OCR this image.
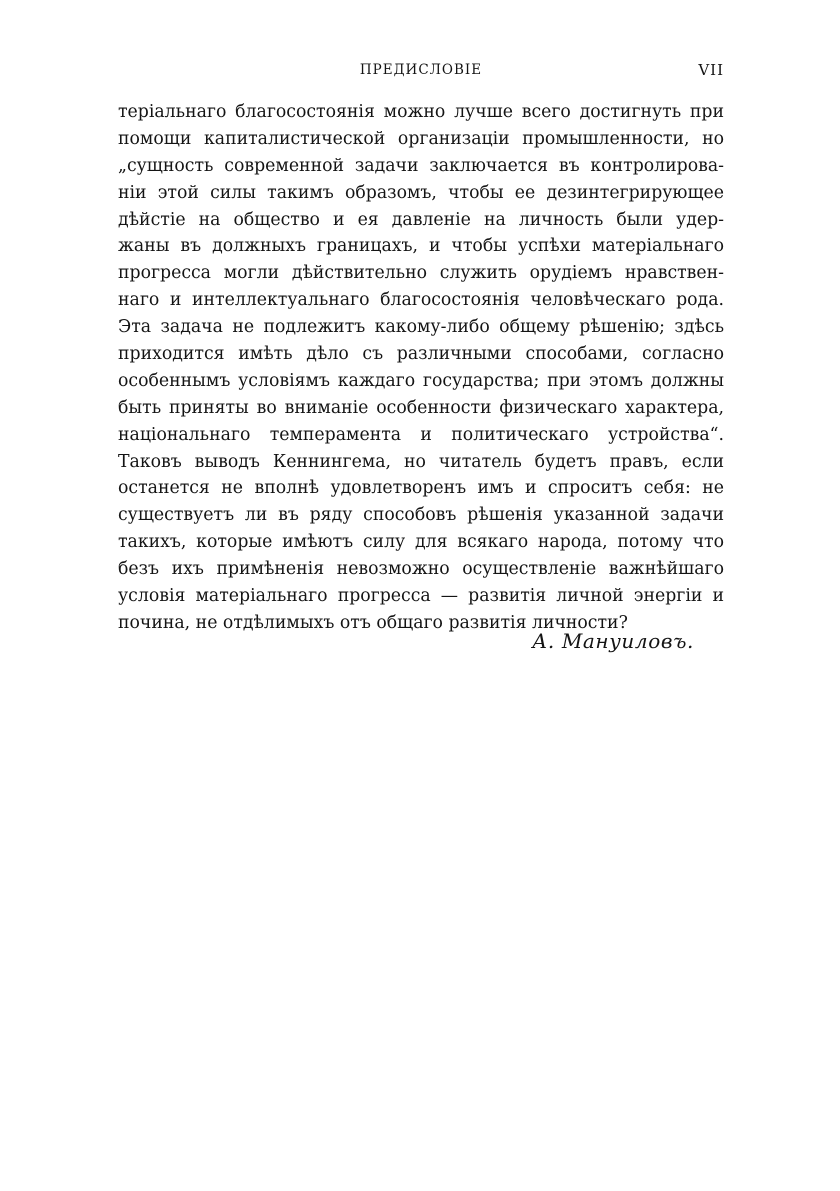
ПРЕДИСЛОВІЕ	VII
теріальнаго благосостоянія можно лучше всего достигнуть при
помощи капиталистической организаціи промышленности, но
„сущность современной задачи заключается въ контролирова-
ніи этой силы такимъ образомъ, чтобы ее дезинтегрирующее
дѣйстіе на общество и ея давленіе на личность были удер-
жаны въ должныхъ границахъ, и чтобы успѣхи матеріальнаго
прогресса могли дѣйствительно служить орудіемъ нравствен-
наго и интеллектуальнаго благосостоянія человѣческаго рода.
Эта задача не подлежитъ какому-либо общему рѣшенію; здѣсь
приходится имѣть дѣло съ различными способами, согласно
особеннымъ условіямъ каждаго государства; при этомъ должны
быть приняты во вниманіе особенности физическаго характера,
національнаго темперамента и политическаго устройства“.
Таковъ выводъ Кеннингема, но читатель будетъ правъ, если
останется не вполнѣ удовлетворенъ имъ и спроситъ себя: не
существуетъ ли въ ряду способовъ рѣшенія указанной задачи
такихъ, которые имѣютъ силу для всякаго народа, потому что
безъ ихъ примѣненія невозможно осуществленіе важнѣйшаго
условія матеріальнаго прогресса — развитія личной энергіи и
почина, не отдѣлимыхъ отъ общаго развитія личности?
А. Мануиловъ.
